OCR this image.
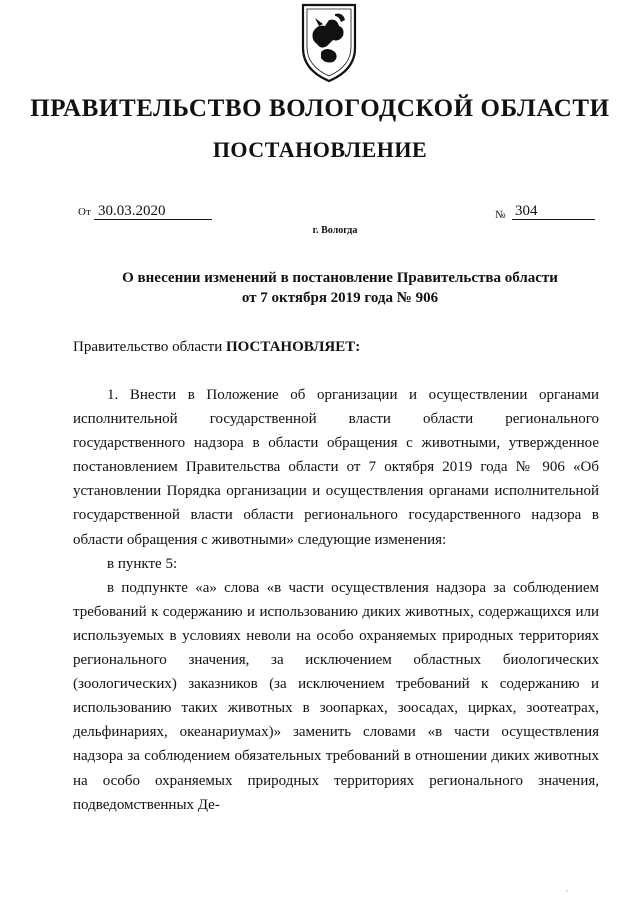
ПРАВИТЕЛЬСТВО ВОЛОГОДСКОЙ ОБЛАСТИ
ПОСТАНОВЛЕНИЕ
От 30.03.2020	№ 304
г. Вологда
О внесении изменений в постановление Правительства области
от 7 октября 2019 года № 906
Правительство области ПОСТАНОВЛЯЕТ:

1. Внести в Положение об организации и осуществлении органами исполнительной государственной власти области регионального государственного надзора в области обращения с животными, утвержденное постановлением Правительства области от 7 октября 2019 года № 906 «Об установлении Порядка организации и осуществления органами исполнительной государственной власти области регионального государственного надзора в области обращения с животными» следующие изменения:

в пункте 5:

в подпункте «а» слова «в части осуществления надзора за соблюдением требований к содержанию и использованию диких животных, содержащихся или используемых в условиях неволи на особо охраняемых природных территориях регионального значения, за исключением областных биологических (зоологических) заказников (за исключением требований к содержанию и использованию таких животных в зоопарках, зоосадах, цирках, зоотеатрах, дельфинариях, океанариумах)» заменить словами «в части осуществления надзора за соблюдением обязательных требований в отношении диких животных на особо охраняемых природных территориях регионального значения, подведомственных Де-

"
